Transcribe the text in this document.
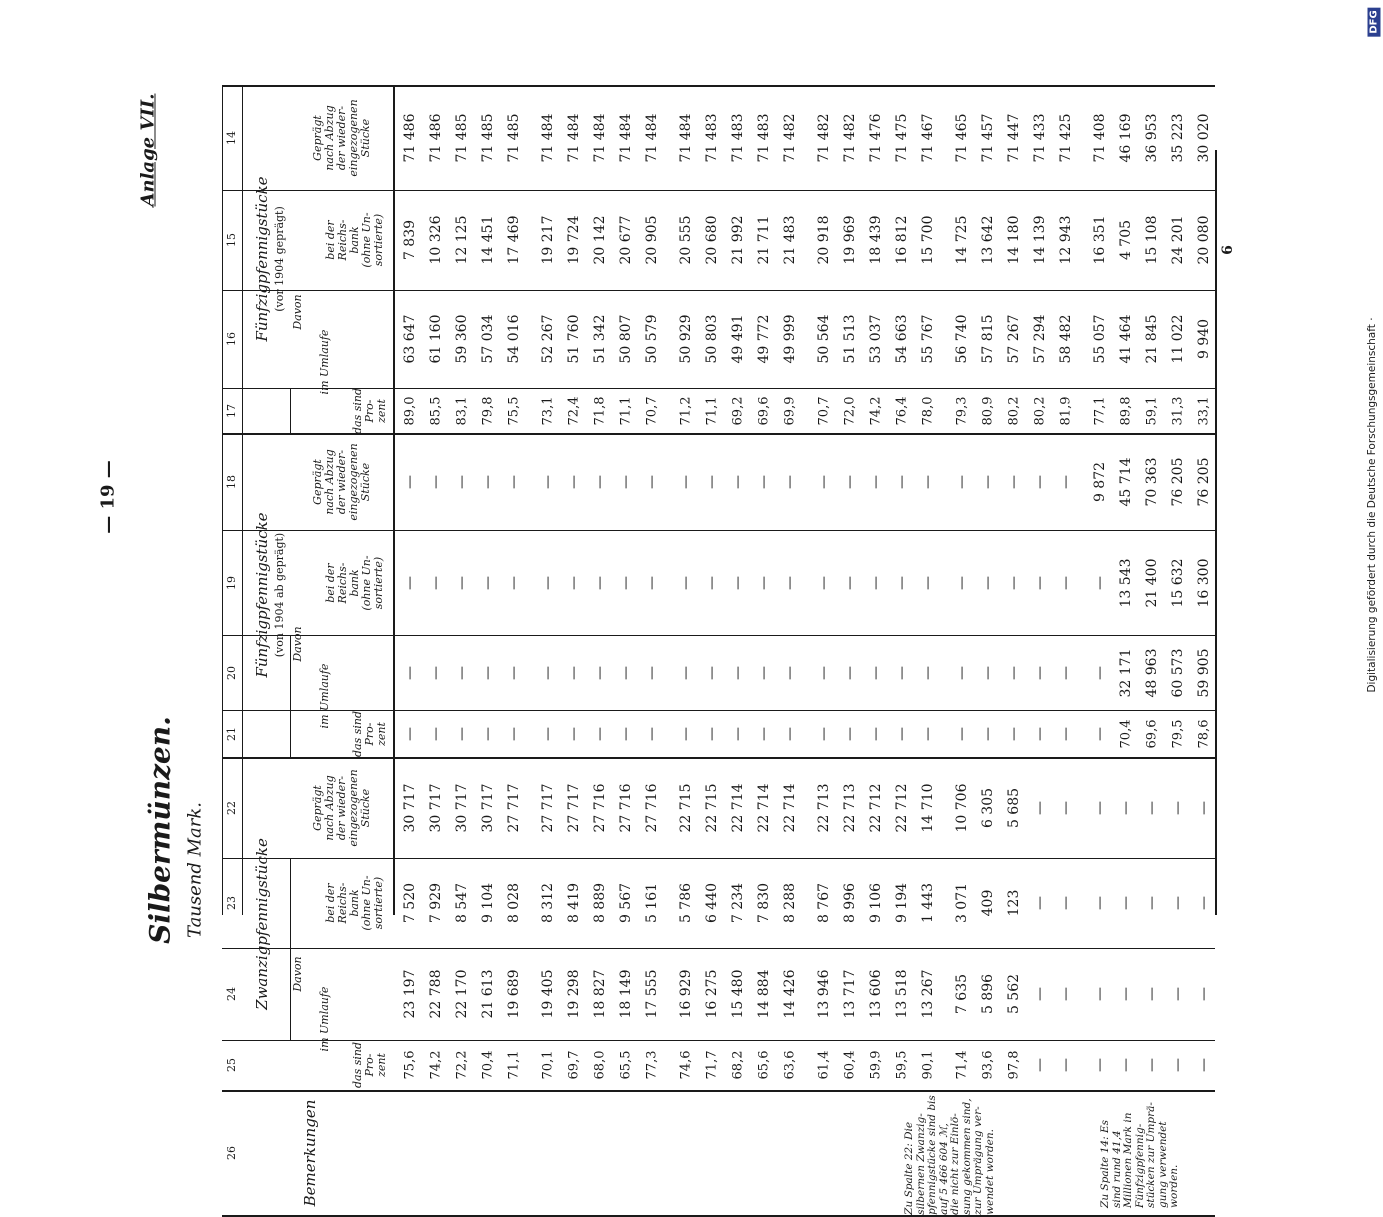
— 19 —
Silbermünzen. Tausend Mark.
Anlage VII.
6
Digitalisierung gefördert durch die Deutsche Forschungsgemeinschaft ·
DFG
14
15
16
17
18
19
20
21
22
23
24
25
26
Fünfzigpfennigstücke (vor 1904 geprägt)
Fünfzigpfennigstücke (von 1904 ab geprägt)
Zwanzigpfennigstücke
Geprägt nach Abzug der wieder- eingezogenen Stücke
Davon
bei der Reichs- bank (ohne Un- sortierte)
im Umlaufe
das sind Pro- zent
Geprägt nach Abzug der wieder- eingezogenen Stücke
Davon
bei der Reichs- bank (ohne Un- sortierte)
im Umlaufe
das sind Pro- zent
Geprägt nach Abzug der wieder- eingezogenen Stücke
Davon
bei der Reichs- bank (ohne Un- sortierte)
im Umlaufe
das sind Pro- zent
Bemerkungen
71 486
7 839
63 647
89,0
—
—
—
—
30 717
7 520
23 197
75,6
71 486
10 326
61 160
85,5
—
—
—
—
30 717
7 929
22 788
74,2
71 485
12 125
59 360
83,1
—
—
—
—
30 717
8 547
22 170
72,2
71 485
14 451
57 034
79,8
—
—
—
—
30 717
9 104
21 613
70,4
71 485
17 469
54 016
75,5
—
—
—
—
27 717
8 028
19 689
71,1
71 484
19 217
52 267
73,1
—
—
—
—
27 717
8 312
19 405
70,1
71 484
19 724
51 760
72,4
—
—
—
—
27 717
8 419
19 298
69,7
71 484
20 142
51 342
71,8
—
—
—
—
27 716
8 889
18 827
68,0
71 484
20 677
50 807
71,1
—
—
—
—
27 716
9 567
18 149
65,5
71 484
20 905
50 579
70,7
—
—
—
—
27 716
5 161
17 555
77,3
71 484
20 555
50 929
71,2
—
—
—
—
22 715
5 786
16 929
74,6
71 483
20 680
50 803
71,1
—
—
—
—
22 715
6 440
16 275
71,7
71 483
21 992
49 491
69,2
—
—
—
—
22 714
7 234
15 480
68,2
71 483
21 711
49 772
69,6
—
—
—
—
22 714
7 830
14 884
65,6
71 482
21 483
49 999
69,9
—
—
—
—
22 714
8 288
14 426
63,6
71 482
20 918
50 564
70,7
—
—
—
—
22 713
8 767
13 946
61,4
71 482
19 969
51 513
72,0
—
—
—
—
22 713
8 996
13 717
60,4
71 476
18 439
53 037
74,2
—
—
—
—
22 712
9 106
13 606
59,9
71 475
16 812
54 663
76,4
—
—
—
—
22 712
9 194
13 518
59,5
71 467
15 700
55 767
78,0
—
—
—
—
14 710
1 443
13 267
90,1
71 465
14 725
56 740
79,3
—
—
—
—
10 706
3 071
7 635
71,4
71 457
13 642
57 815
80,9
—
—
—
—
6 305
409
5 896
93,6
71 447
14 180
57 267
80,2
—
—
—
—
5 685
123
5 562
97,8
71 433
14 139
57 294
80,2
—
—
—
—
—
—
—
—
71 425
12 943
58 482
81,9
—
—
—
—
—
—
—
—
71 408
16 351
55 057
77,1
9 872
—
—
—
—
—
—
—
46 169
4 705
41 464
89,8
45 714
13 543
32 171
70,4
—
—
—
—
36 953
15 108
21 845
59,1
70 363
21 400
48 963
69,6
—
—
—
—
35 223
24 201
11 022
31,3
76 205
15 632
60 573
79,5
—
—
—
—
30 020
20 080
9 940
33,1
76 205
16 300
59 905
78,6
—
—
—
—
Zu Spalte 22: Die silbernen Zwanzig- pfennigstücke sind bis auf 5 466 604 ℳ, die nicht zur Einlö- sung gekommen sind, zur Umprägung ver- wendet worden.	Zu Spalte 14: Es sind rund 41,4 Millionen Mark in Fünfzigpfennig- stücken zur Umprä- gung verwendet worden.
